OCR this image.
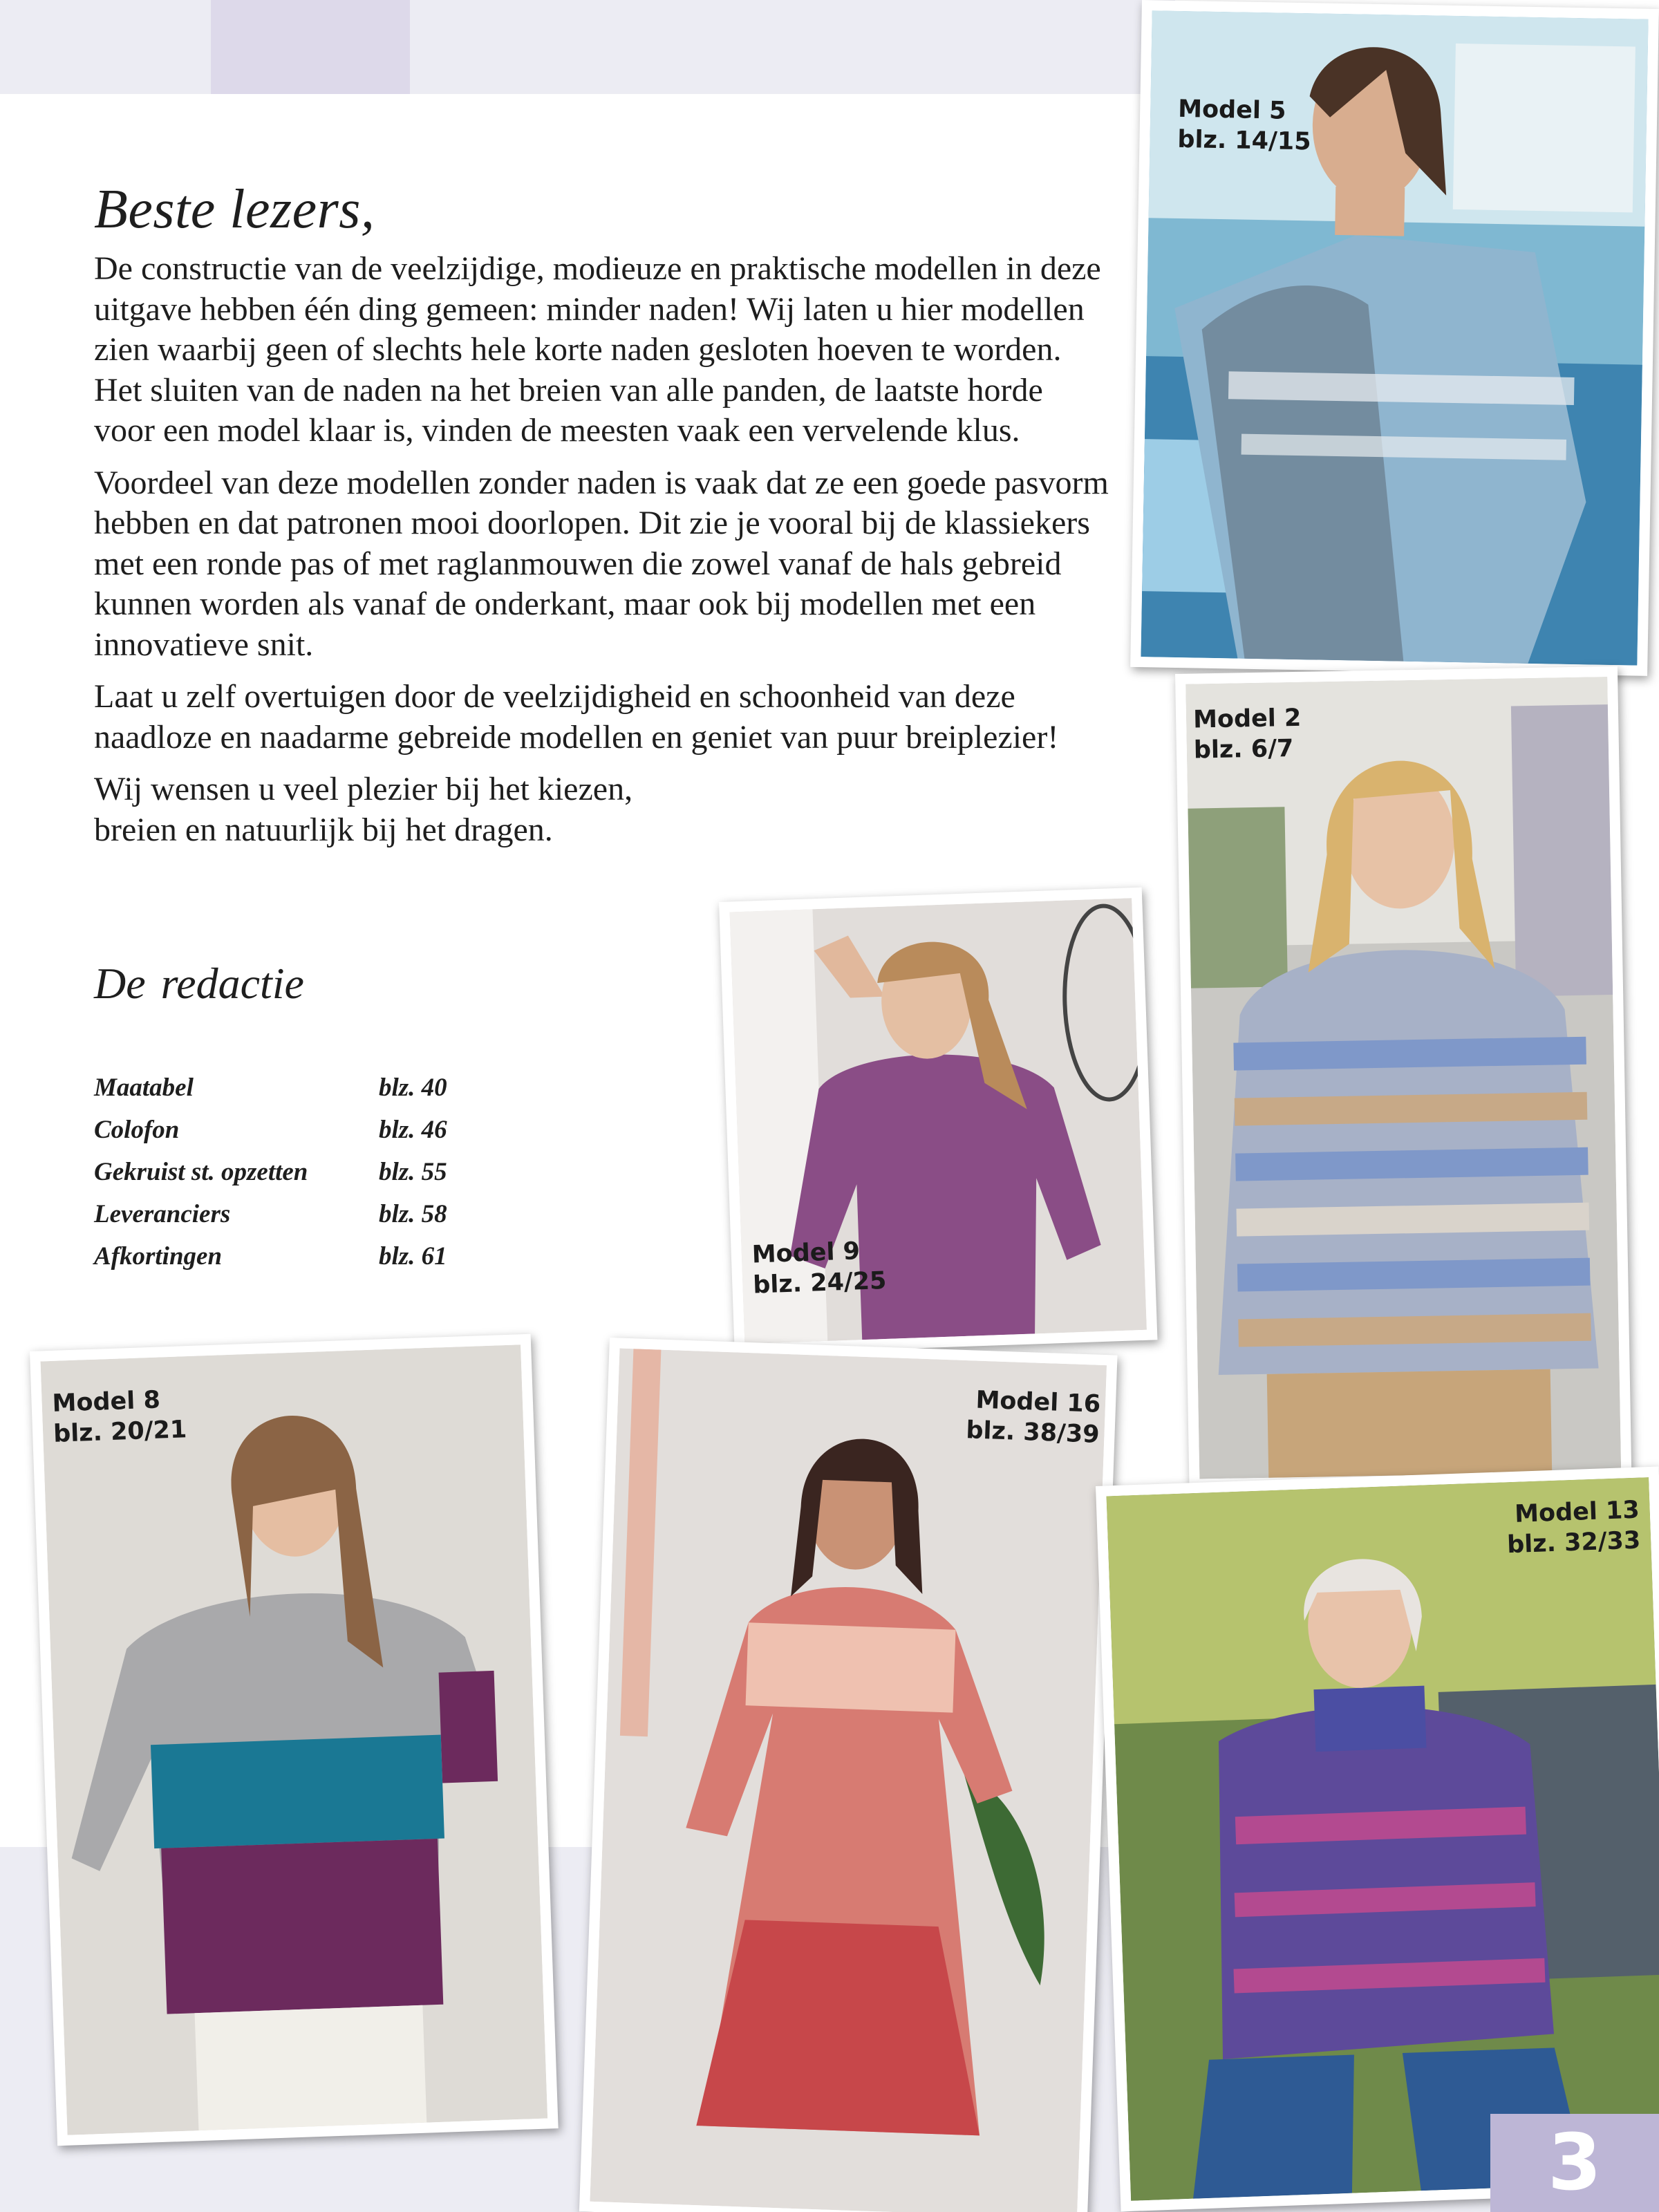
Beste lezers,

De constructie van de veelzijdige, modieuze en praktische modellen in deze uitgave hebben één ding gemeen: minder naden! Wij laten u hier modellen zien waarbij geen of slechts hele korte naden gesloten hoeven te worden. Het sluiten van de naden na het breien van alle panden, de laatste horde voor een model klaar is, vinden de meesten vaak een vervelende klus.

Voordeel van deze modellen zonder naden is vaak dat ze een goede pasvorm hebben en dat patronen mooi doorlopen. Dit zie je vooral bij de klassiekers met een ronde pas of met raglanmouwen die zowel vanaf de hals gebreid kunnen worden als vanaf de onderkant, maar ook bij modellen met een innovatieve snit.

Laat u zelf overtuigen door de veelzijdigheid en schoonheid van deze naadloze en naadarme gebreide modellen en geniet van puur breiplezier!

Wij wensen u veel plezier bij het kiezen, breien en natuurlijk bij het dragen.

De redactie
Maatabel	blz. 40
Colofon	blz. 46
Gekruist st. opzetten	blz. 55
Leveranciers	blz. 58
Afkortingen	blz. 61
Model 5
blz. 14/15
Model 2
blz. 6/7
Model 9
blz. 24/25
Model 8
blz. 20/21
Model 16
blz. 38/39
Model 13
blz. 32/33
3
